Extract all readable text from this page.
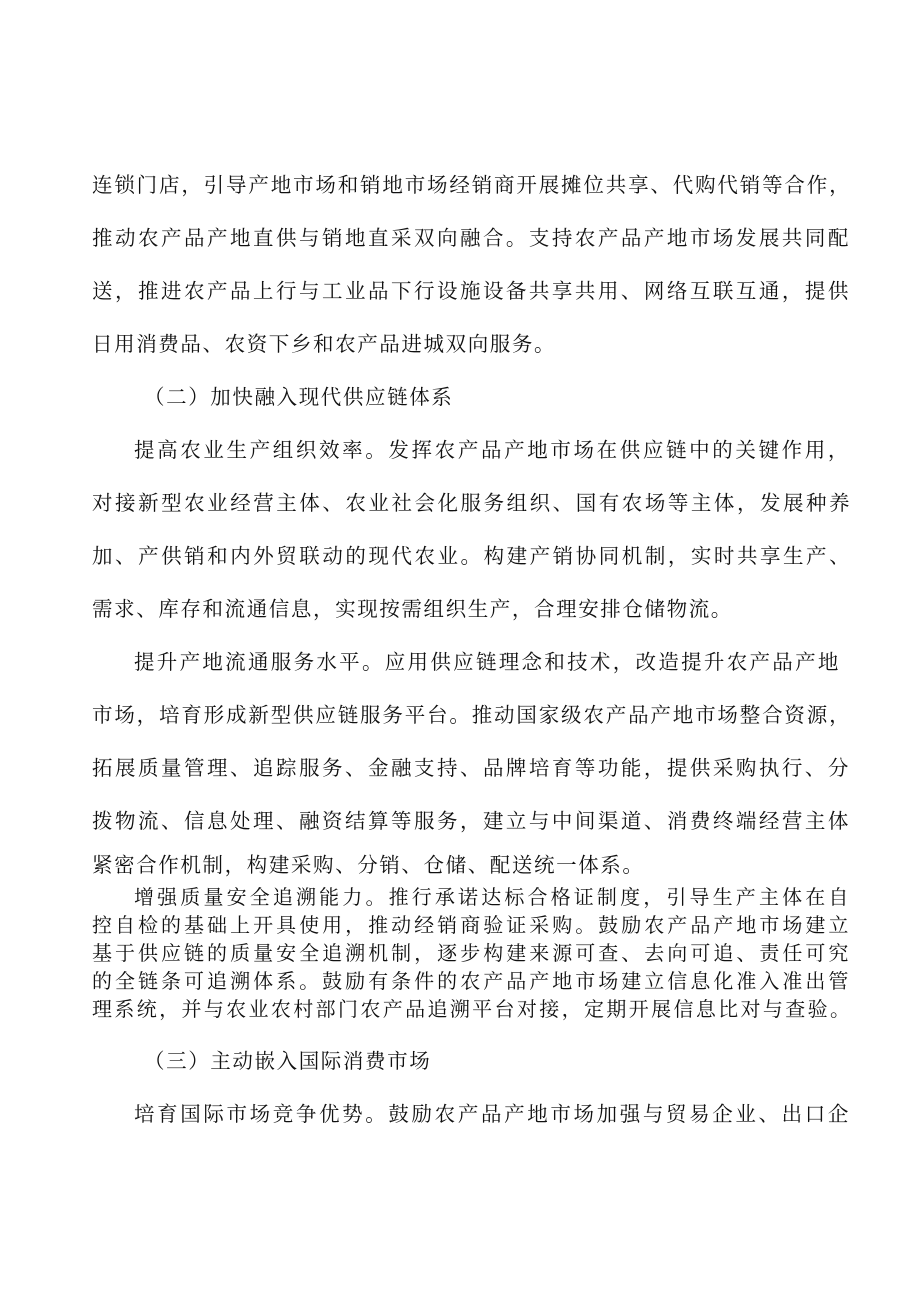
连锁门店，引导产地市场和销地市场经销商开展摊位共享、代购代销等合作，
推动农产品产地直供与销地直采双向融合。支持农产品产地市场发展共同配
送，推进农产品上行与工业品下行设施设备共享共用、网络互联互通，提供
日用消费品、农资下乡和农产品进城双向服务。
（二）加快融入现代供应链体系
提高农业生产组织效率。发挥农产品产地市场在供应链中的关键作用，
对接新型农业经营主体、农业社会化服务组织、国有农场等主体，发展种养
加、产供销和内外贸联动的现代农业。构建产销协同机制，实时共享生产、
需求、库存和流通信息，实现按需组织生产，合理安排仓储物流。
提升产地流通服务水平。应用供应链理念和技术，改造提升农产品产地
市场，培育形成新型供应链服务平台。推动国家级农产品产地市场整合资源，
拓展质量管理、追踪服务、金融支持、品牌培育等功能，提供采购执行、分
拨物流、信息处理、融资结算等服务，建立与中间渠道、消费终端经营主体
紧密合作机制，构建采购、分销、仓储、配送统一体系。
增强质量安全追溯能力。推行承诺达标合格证制度，引导生产主体在自
控自检的基础上开具使用，推动经销商验证采购。鼓励农产品产地市场建立
基于供应链的质量安全追溯机制，逐步构建来源可查、去向可追、责任可究
的全链条可追溯体系。鼓励有条件的农产品产地市场建立信息化准入准出管
理系统，并与农业农村部门农产品追溯平台对接，定期开展信息比对与查验。
（三）主动嵌入国际消费市场
培育国际市场竞争优势。鼓励农产品产地市场加强与贸易企业、出口企
